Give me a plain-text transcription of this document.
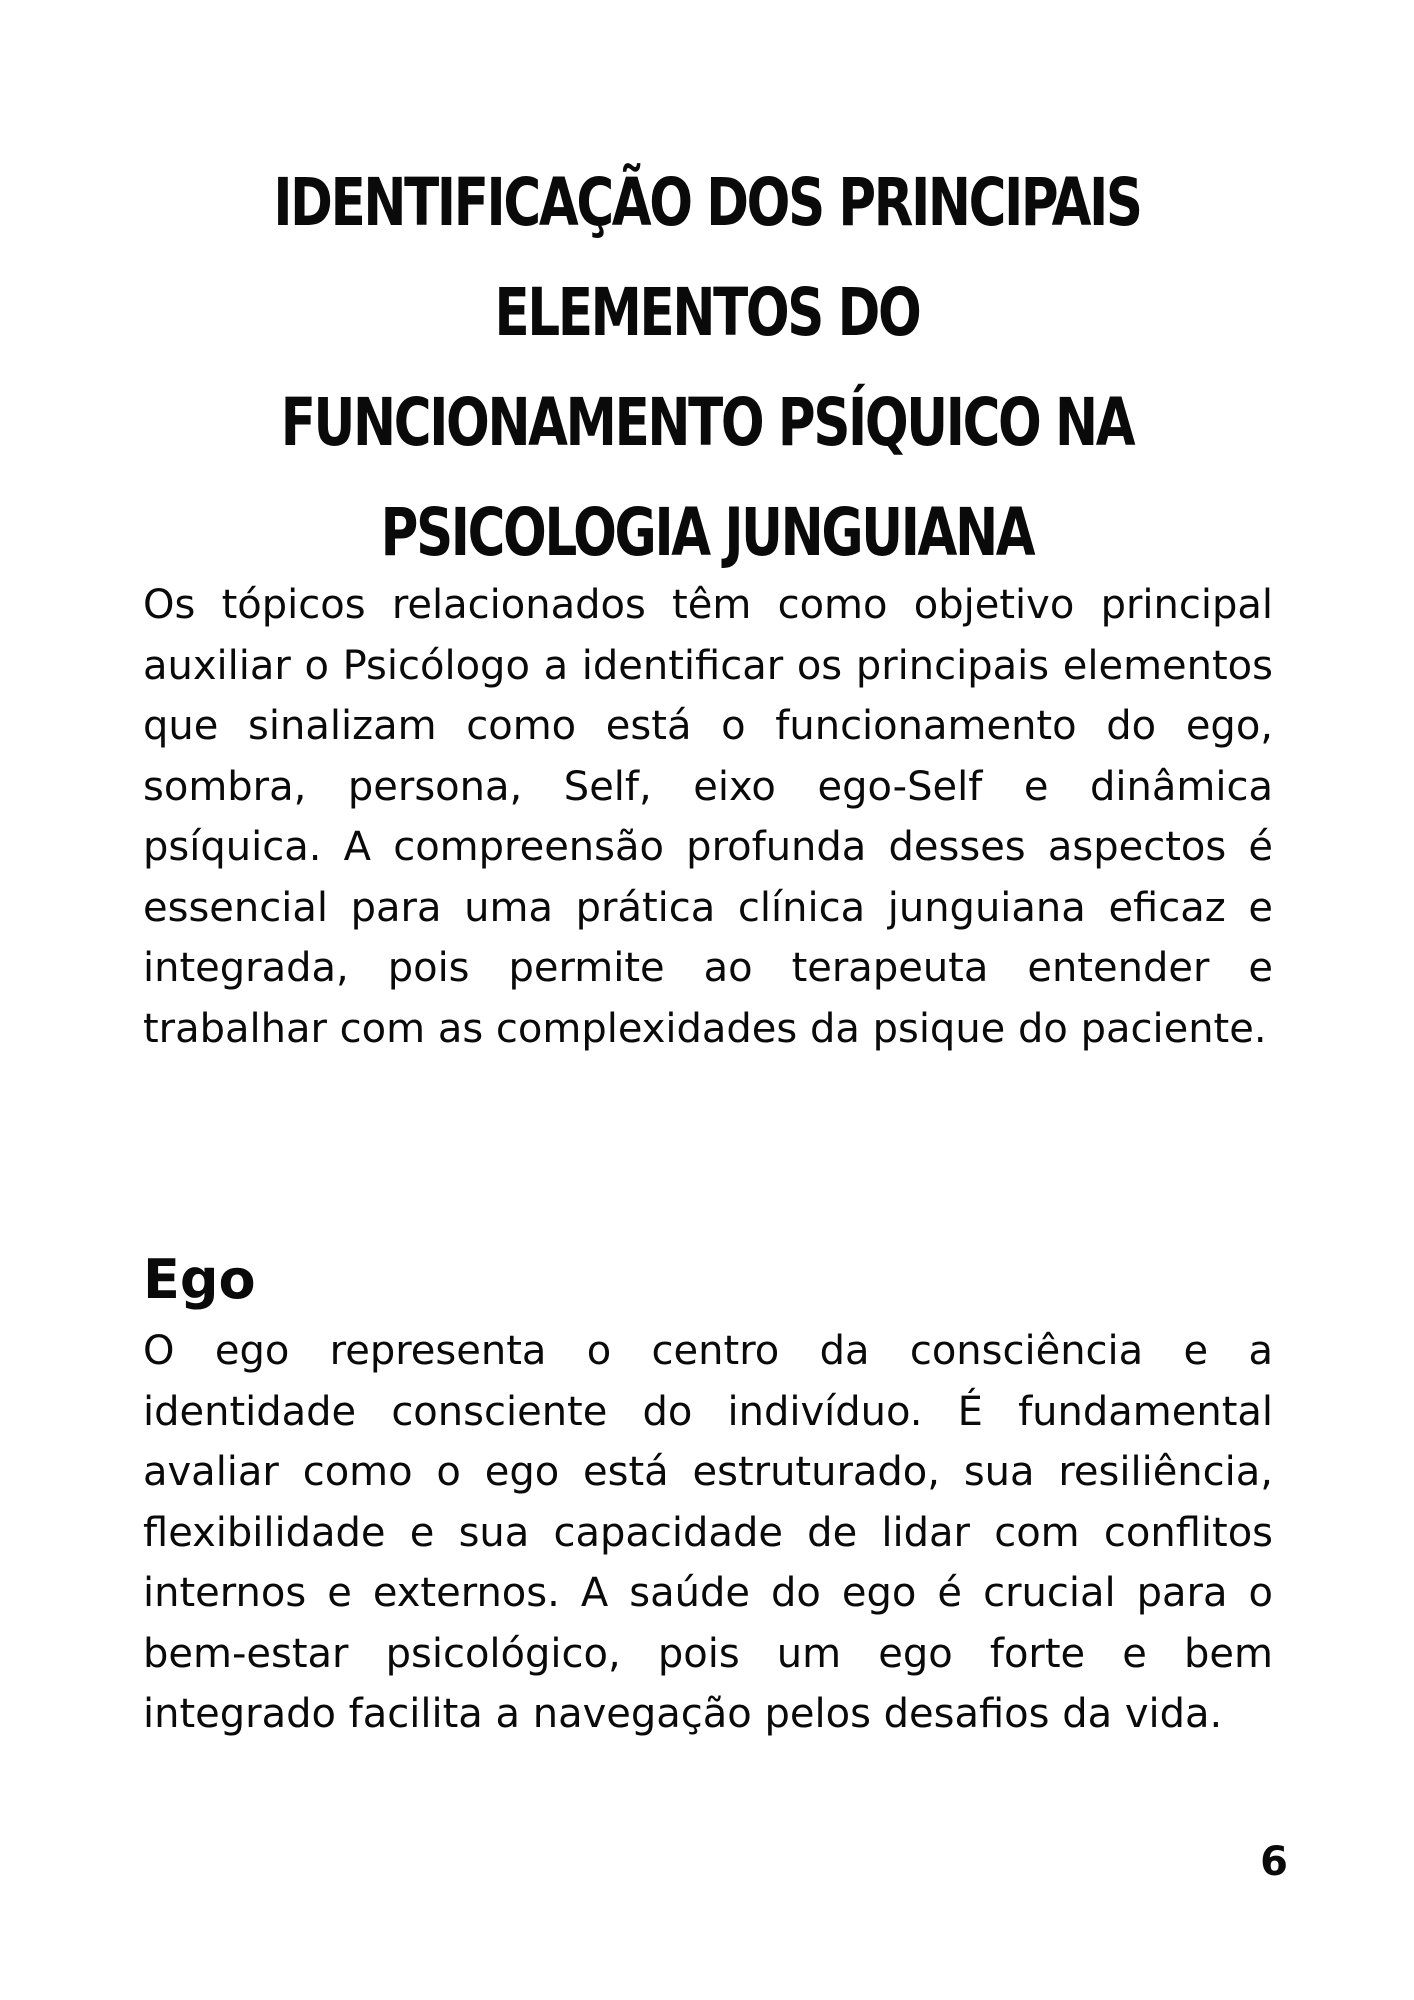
IDENTIFICAÇÃO DOS PRINCIPAIS ELEMENTOS DO FUNCIONAMENTO PSÍQUICO NA PSICOLOGIA JUNGUIANA

Os tópicos relacionados têm como objetivo principal auxiliar o Psicólogo a identificar os principais elementos que sinalizam como está o funcionamento do ego, sombra, persona, Self, eixo ego-Self e dinâmica psíquica. A compreensão profunda desses aspectos é essencial para uma prática clínica junguiana eficaz e integrada, pois permite ao terapeuta entender e trabalhar com as complexidades da psique do paciente.

Ego

O ego representa o centro da consciência e a identidade consciente do indivíduo. É fundamental avaliar como o ego está estruturado, sua resiliência, flexibilidade e sua capacidade de lidar com conflitos internos e externos. A saúde do ego é crucial para o bem-estar psicológico, pois um ego forte e bem integrado facilita a navegação pelos desafios da vida.

6
